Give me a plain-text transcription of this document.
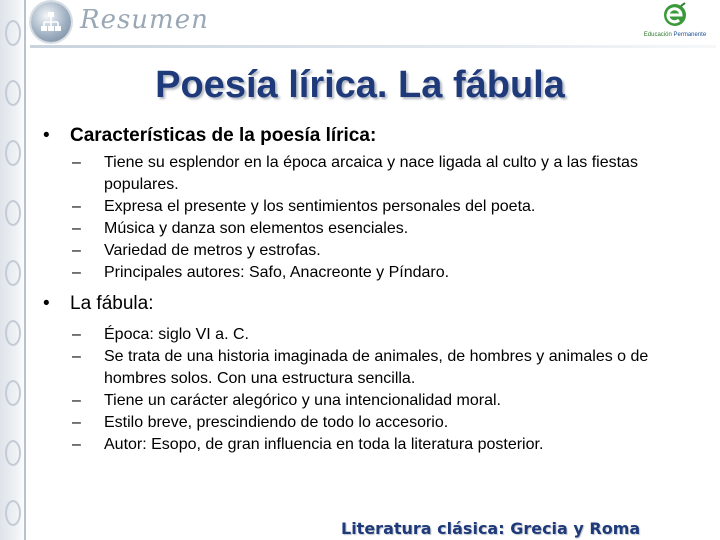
Resumen	Educación Permanente
Poesía lírica. La fábula
• Características de la poesía lírica:
– Tiene su esplendor en la época arcaica y nace ligada al culto y a las fiestas populares.
– Expresa el presente y los sentimientos personales del poeta.
– Música y danza son elementos esenciales.
– Variedad de metros y estrofas.
– Principales autores: Safo, Anacreonte y Píndaro.
• La fábula:
– Época: siglo VI a. C.
– Se trata de una historia imaginada de animales, de hombres y animales o de hombres solos. Con una estructura sencilla.
– Tiene un carácter alegórico y una intencionalidad moral.
– Estilo breve, prescindiendo de todo lo accesorio.
– Autor: Esopo, de gran influencia en toda la literatura posterior.
Literatura clásica: Grecia y Roma
